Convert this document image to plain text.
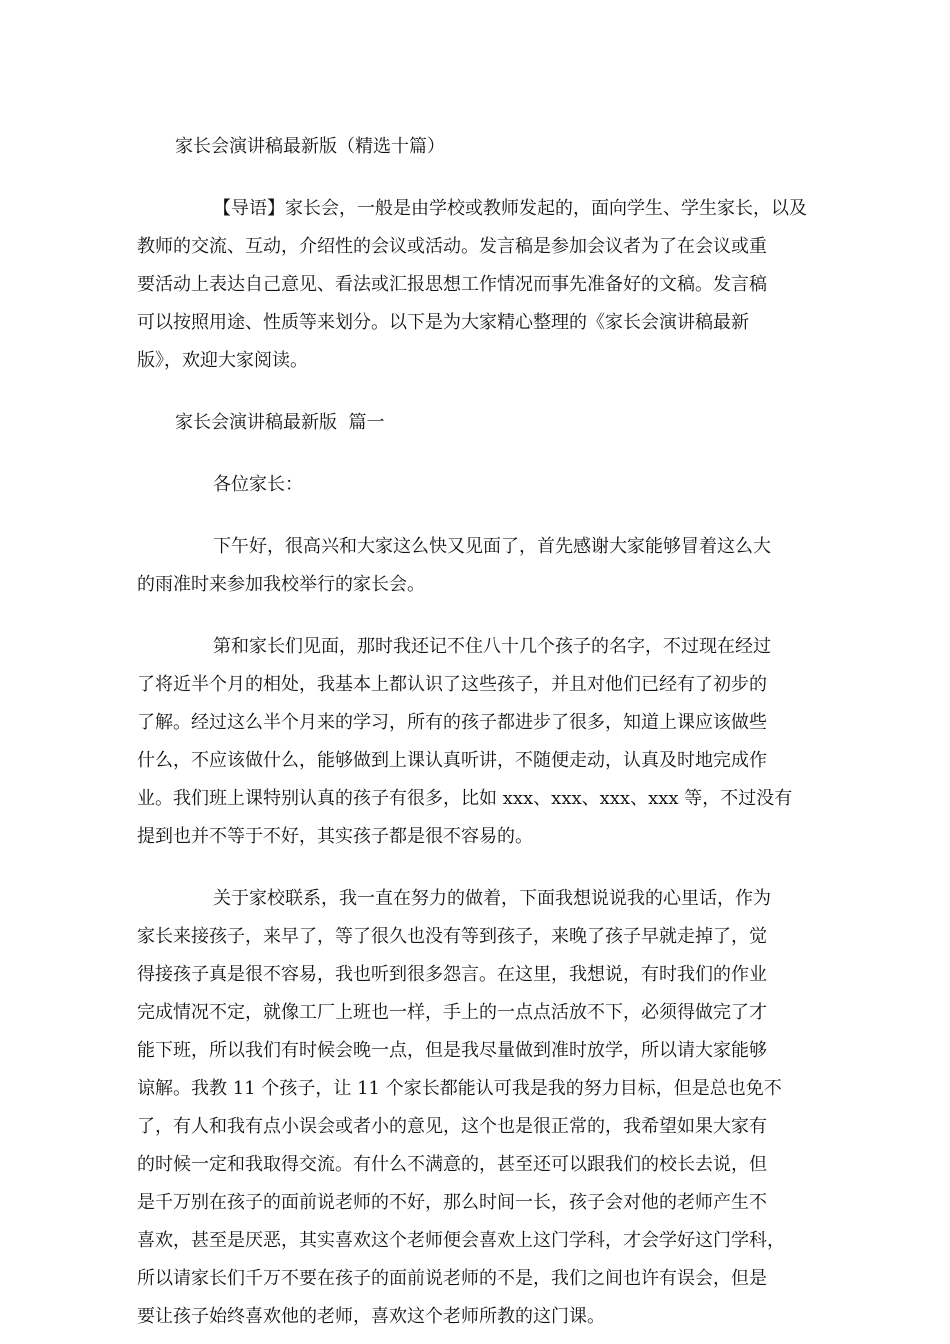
家长会演讲稿最新版（精选十篇）
【导语】家长会，一般是由学校或教师发起的，面向学生、学生家长，以及
教师的交流、互动，介绍性的会议或活动。发言稿是参加会议者为了在会议或重
要活动上表达自己意见、看法或汇报思想工作情况而事先准备好的文稿。发言稿
可以按照用途、性质等来划分。以下是为大家精心整理的《家长会演讲稿最新
版》，欢迎大家阅读。
家长会演讲稿最新版  篇一
各位家长：
下午好，很高兴和大家这么快又见面了，首先感谢大家能够冒着这么大
的雨准时来参加我校举行的家长会。
第和家长们见面，那时我还记不住八十几个孩子的名字，不过现在经过
了将近半个月的相处，我基本上都认识了这些孩子，并且对他们已经有了初步的
了解。经过这么半个月来的学习，所有的孩子都进步了很多，知道上课应该做些
什么，不应该做什么，能够做到上课认真听讲，不随便走动，认真及时地完成作
业。我们班上课特别认真的孩子有很多，比如 xxx、xxx、xxx、xxx 等，不过没有
提到也并不等于不好，其实孩子都是很不容易的。
关于家校联系，我一直在努力的做着，下面我想说说我的心里话，作为
家长来接孩子，来早了，等了很久也没有等到孩子，来晚了孩子早就走掉了，觉
得接孩子真是很不容易，我也听到很多怨言。在这里，我想说，有时我们的作业
完成情况不定，就像工厂上班也一样，手上的一点点活放不下，必须得做完了才
能下班，所以我们有时候会晚一点，但是我尽量做到准时放学，所以请大家能够
谅解。我教 11 个孩子，让 11 个家长都能认可我是我的努力目标，但是总也免不
了，有人和我有点小误会或者小的意见，这个也是很正常的，我希望如果大家有
的时候一定和我取得交流。有什么不满意的，甚至还可以跟我们的校长去说，但
是千万别在孩子的面前说老师的不好，那么时间一长，孩子会对他的老师产生不
喜欢，甚至是厌恶，其实喜欢这个老师便会喜欢上这门学科，才会学好这门学科，
所以请家长们千万不要在孩子的面前说老师的不是，我们之间也许有误会，但是
要让孩子始终喜欢他的老师，喜欢这个老师所教的这门课。
